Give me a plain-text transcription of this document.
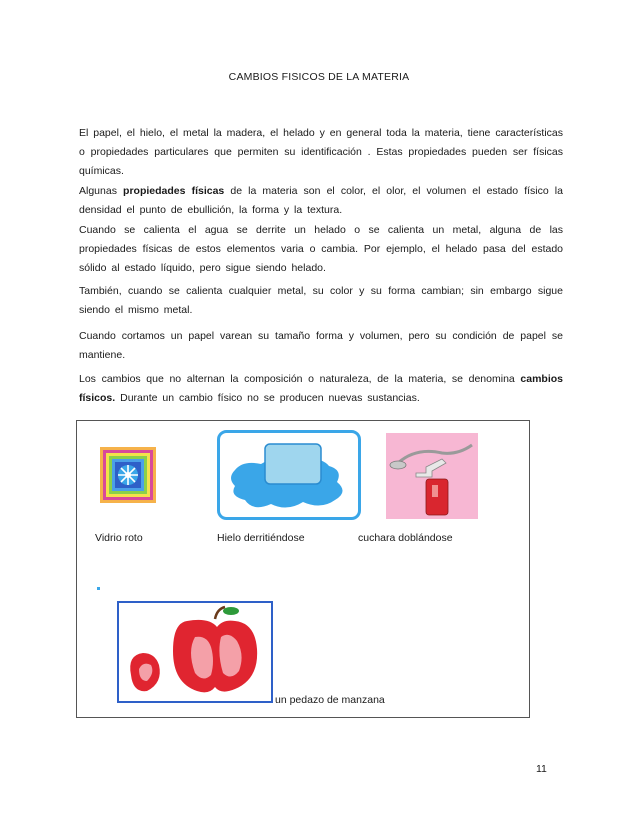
CAMBIOS FISICOS DE LA MATERIA
El papel, el hielo, el metal la madera, el helado y en general toda la materia, tiene características o propiedades particulares que permiten su identificación . Estas propiedades pueden ser físicas químicas.
Algunas propiedades físicas de la materia son el color, el olor, el volumen el estado físico la densidad el punto de ebullición, la forma y la textura.
Cuando se calienta el agua se derrite un helado o se calienta un metal, alguna de las propiedades físicas de estos elementos varia o cambia. Por ejemplo, el helado pasa del estado sólido al estado líquido, pero sigue siendo helado.
También, cuando se calienta cualquier metal, su color y su forma cambian; sin embargo sigue siendo el mismo metal.
Cuando cortamos un papel varean su tamaño forma y volumen, pero su condición de papel se mantiene.
Los cambios que no alternan la composición o naturaleza, de la materia, se denomina cambios físicos. Durante un cambio físico no se producen nuevas sustancias.
Vidrio roto	Hielo derritiéndose	cuchara doblándose
un pedazo de manzana
11
